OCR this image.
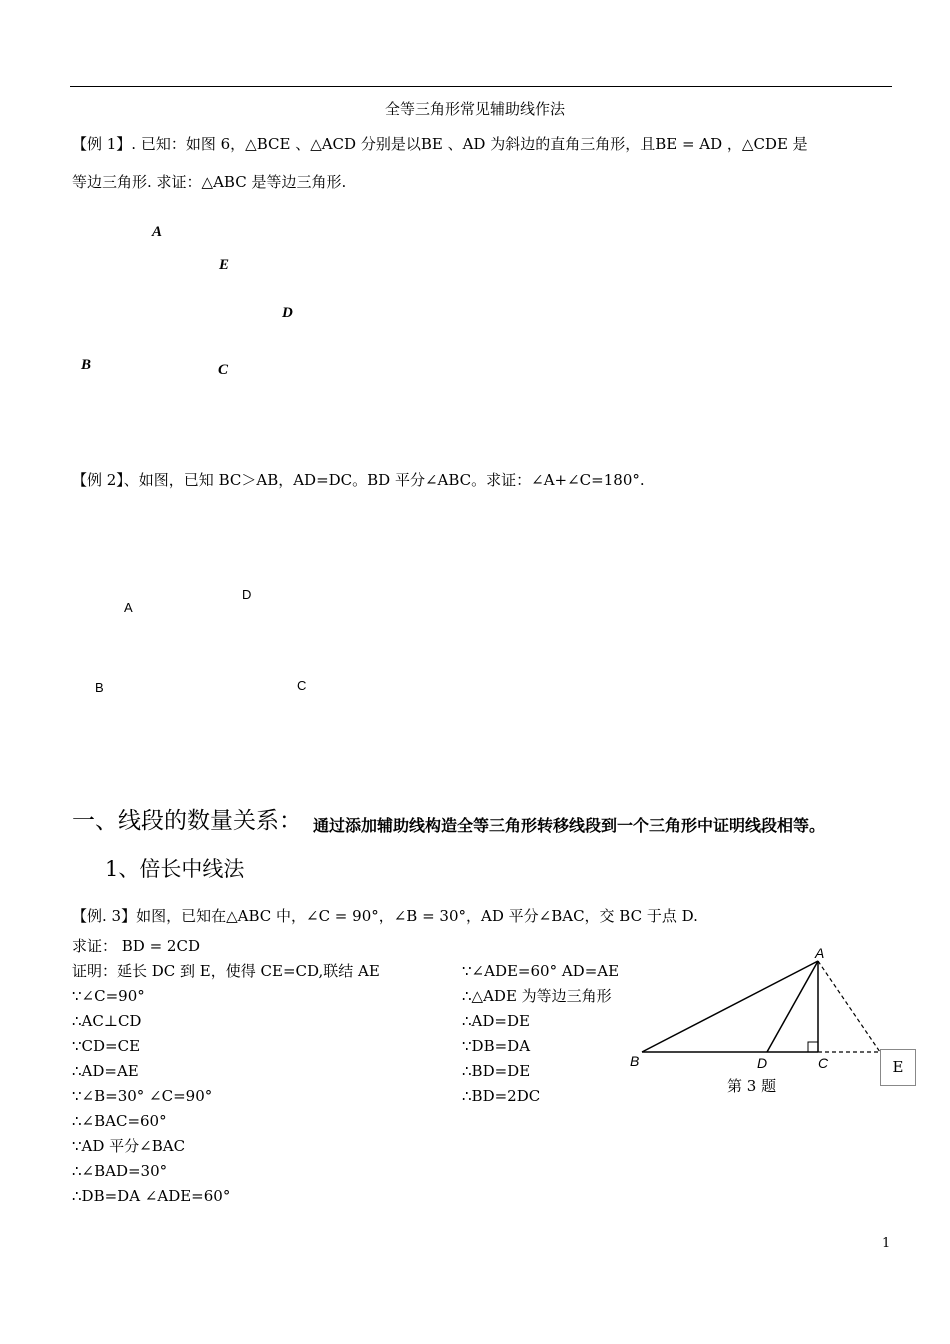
全等三角形常见辅助线作法
【例 1】. 已知：如图 6，△BCE 、△ACD 分别是以BE 、AD 为斜边的直角三角形，且BE = AD ，△CDE 是
等边三角形. 求证：△ABC 是等边三角形.
A
E
D
B	C
【例 2】、如图，已知 BC＞AB，AD=DC。BD 平分∠ABC。求证：∠A+∠C=180°.
A
D
B	C
一、线段的数量关系： 通过添加辅助线构造全等三角形转移线段到一个三角形中证明线段相等。
1、倍长中线法
【例. 3】如图，已知在△ABC 中，∠C = 90°，∠B = 30°，AD 平分∠BAC，交 BC 于点 D.
求证： BD = 2CD
证明：延长 DC 到 E，使得 CE=CD,联结 AE
∵∠C=90°
∴AC⊥CD
∵CD=CE
∴AD=AE
∵∠B=30° ∠C=90°
∴∠BAC=60°
∵AD 平分∠BAC
∴∠BAD=30°
∴DB=DA ∠ADE=60°
∵∠ADE=60° AD=AE
∴△ADE 为等边三角形
∴AD=DE
∵DB=DA
∴BD=DE
∴BD=2DC
A
B	D	C	E
第 3 题
1
